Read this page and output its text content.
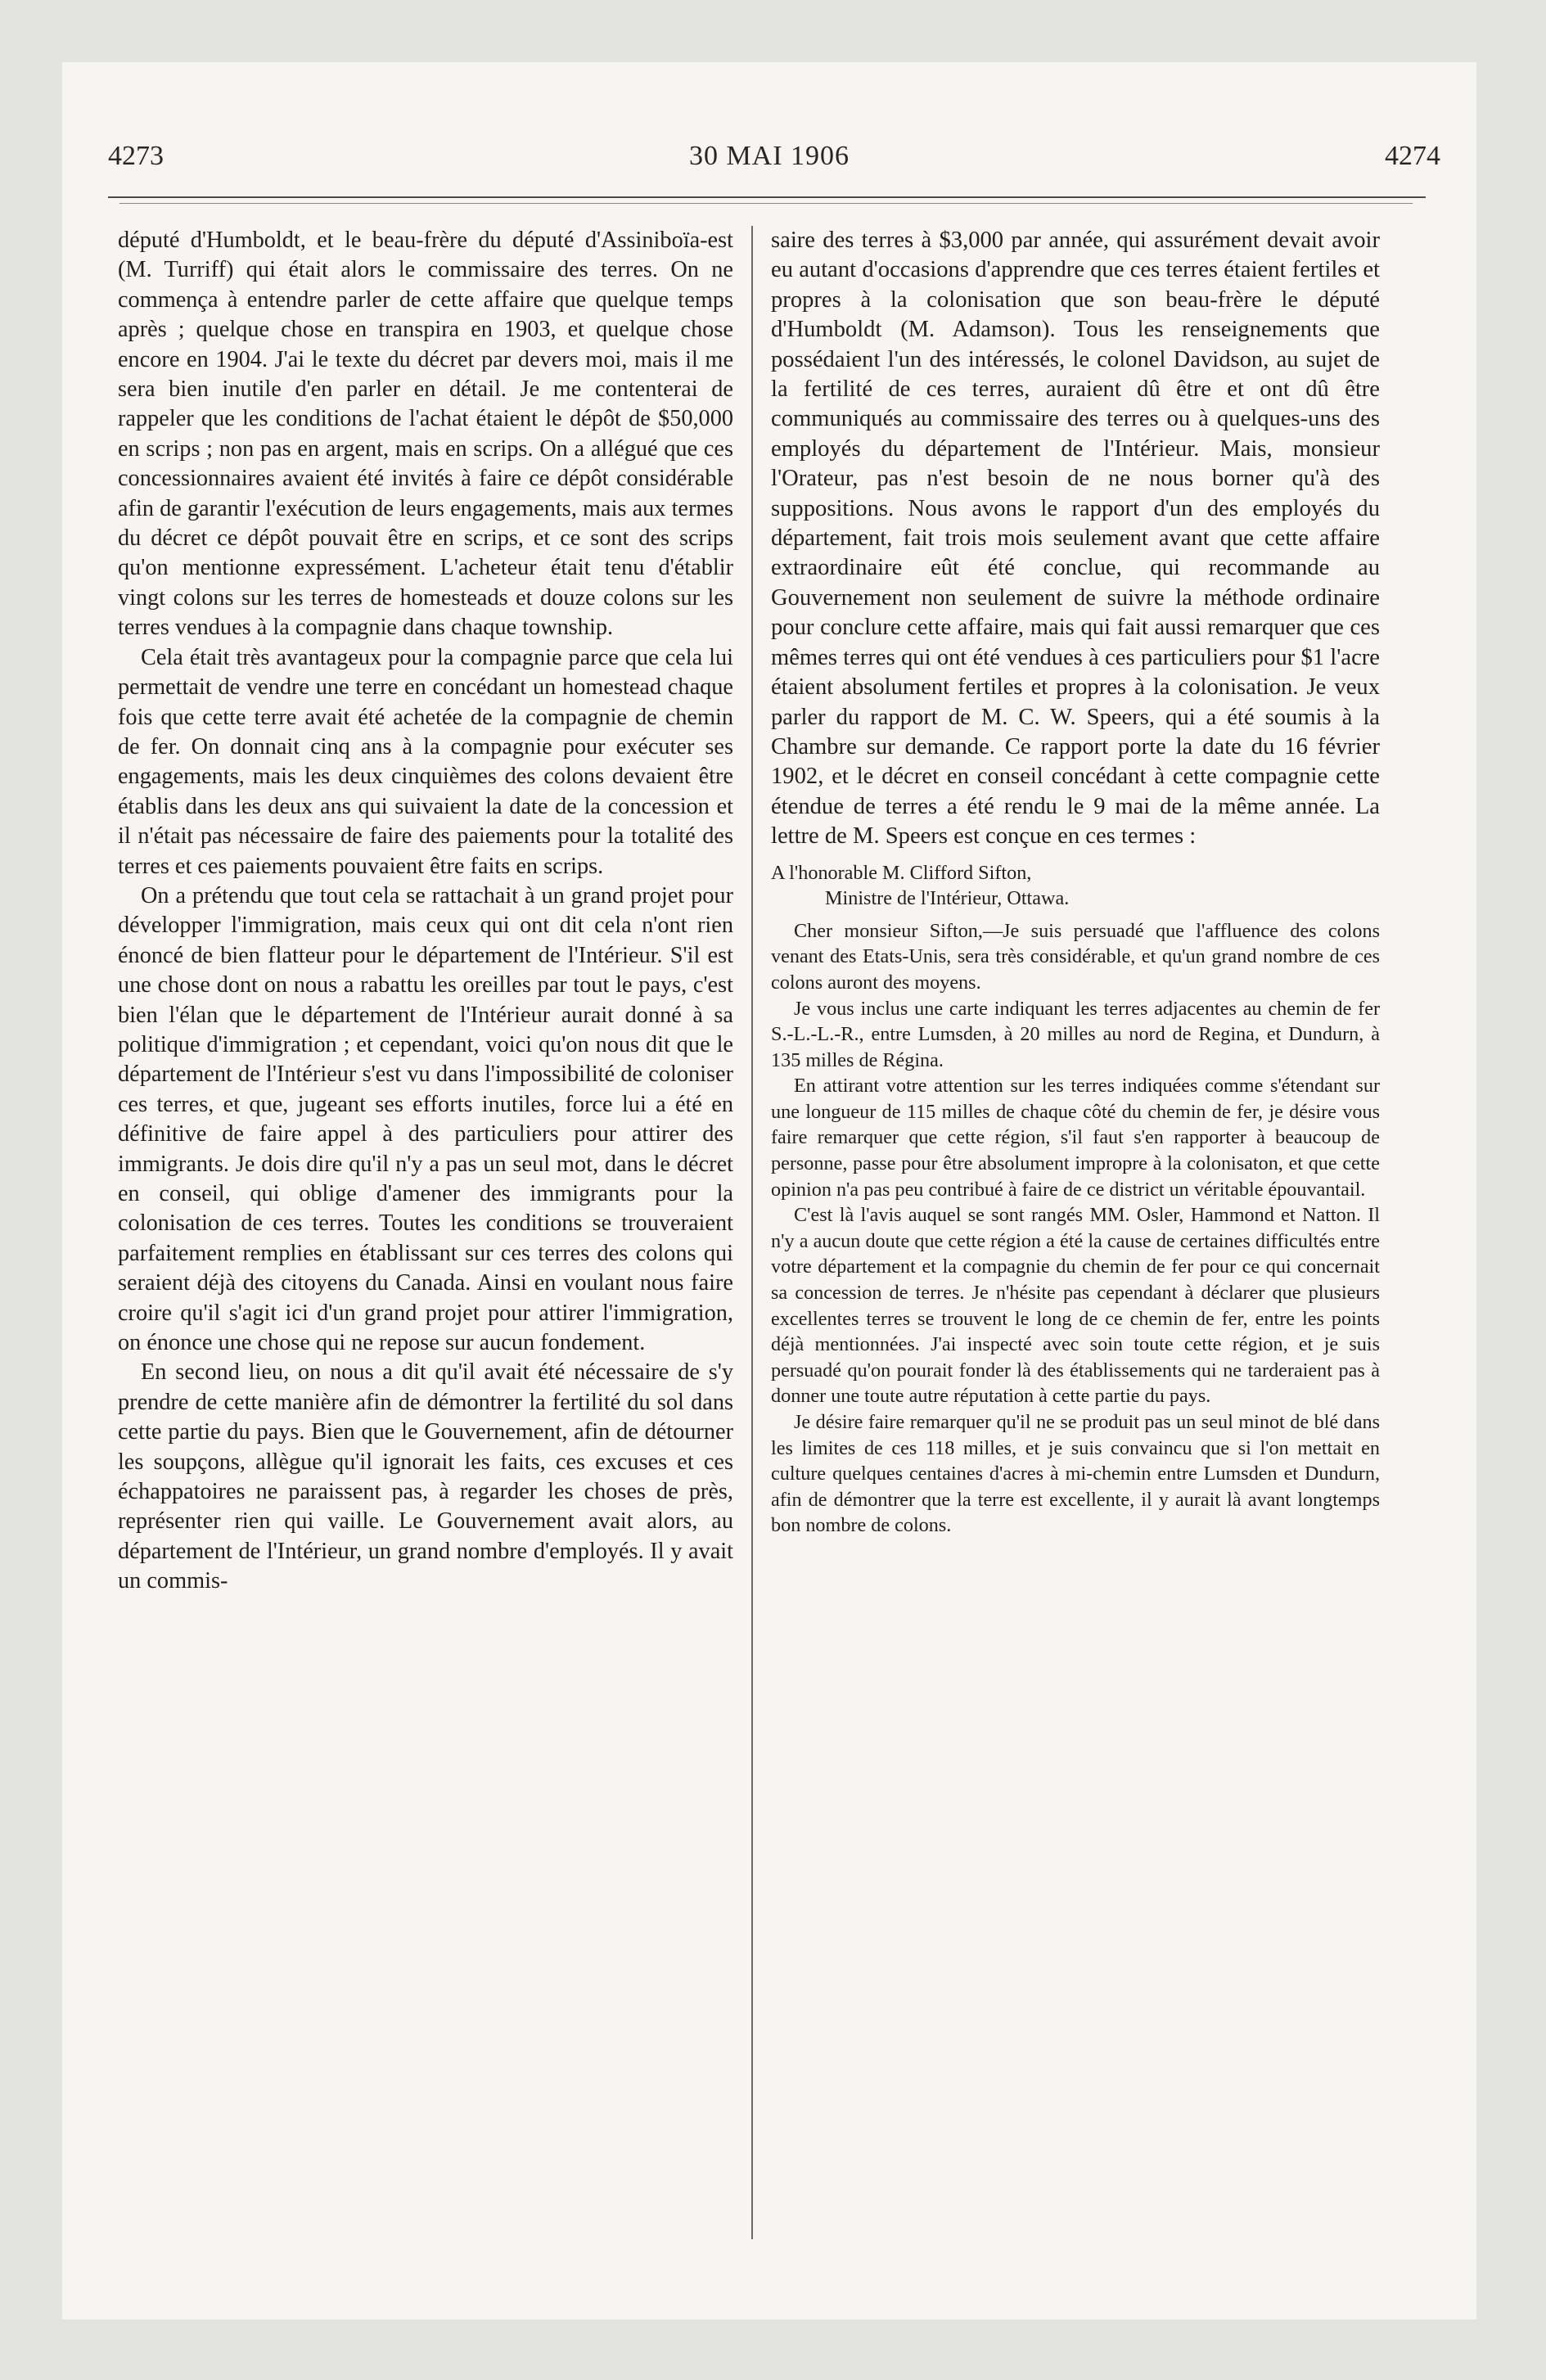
4273	30 MAI 1906	4274

député d'Humboldt, et le beau-frère du député d'Assiniboïa-est (M. Turriff) qui était alors le commissaire des terres. On ne commença à entendre parler de cette affaire que quelque temps après ; quelque chose en transpira en 1903, et quelque chose encore en 1904. J'ai le texte du décret par devers moi, mais il me sera bien inutile d'en parler en détail. Je me contenterai de rappeler que les conditions de l'achat étaient le dépôt de $50,000 en scrips ; non pas en argent, mais en scrips. On a allégué que ces concessionnaires avaient été invités à faire ce dépôt considérable afin de garantir l'exécution de leurs engagements, mais aux termes du décret ce dépôt pouvait être en scrips, et ce sont des scrips qu'on mentionne expressément. L'acheteur était tenu d'établir vingt colons sur les terres de homesteads et douze colons sur les terres vendues à la compagnie dans chaque township.

Cela était très avantageux pour la compagnie parce que cela lui permettait de vendre une terre en concédant un homestead chaque fois que cette terre avait été achetée de la compagnie de chemin de fer. On donnait cinq ans à la compagnie pour exécuter ses engagements, mais les deux cinquièmes des colons devaient être établis dans les deux ans qui suivaient la date de la concession et il n'était pas nécessaire de faire des paiements pour la totalité des terres et ces paiements pouvaient être faits en scrips.

On a prétendu que tout cela se rattachait à un grand projet pour développer l'immigration, mais ceux qui ont dit cela n'ont rien énoncé de bien flatteur pour le département de l'Intérieur. S'il est une chose dont on nous a rabattu les oreilles par tout le pays, c'est bien l'élan que le département de l'Intérieur aurait donné à sa politique d'immigration ; et cependant, voici qu'on nous dit que le département de l'Intérieur s'est vu dans l'impossibilité de coloniser ces terres, et que, jugeant ses efforts inutiles, force lui a été en définitive de faire appel à des particuliers pour attirer des immigrants. Je dois dire qu'il n'y a pas un seul mot, dans le décret en conseil, qui oblige d'amener des immigrants pour la colonisation de ces terres. Toutes les conditions se trouveraient parfaitement remplies en établissant sur ces terres des colons qui seraient déjà des citoyens du Canada. Ainsi en voulant nous faire croire qu'il s'agit ici d'un grand projet pour attirer l'immigration, on énonce une chose qui ne repose sur aucun fondement.

En second lieu, on nous a dit qu'il avait été nécessaire de s'y prendre de cette manière afin de démontrer la fertilité du sol dans cette partie du pays. Bien que le Gouvernement, afin de détourner les soupçons, allègue qu'il ignorait les faits, ces excuses et ces échappatoires ne paraissent pas, à regarder les choses de près, représenter rien qui vaille. Le Gouvernement avait alors, au département de l'Intérieur, un grand nombre d'employés. Il y avait un commis-

saire des terres à $3,000 par année, qui assurément devait avoir eu autant d'occasions d'apprendre que ces terres étaient fertiles et propres à la colonisation que son beau-frère le député d'Humboldt (M. Adamson). Tous les renseignements que possédaient l'un des intéressés, le colonel Davidson, au sujet de la fertilité de ces terres, auraient dû être et ont dû être communiqués au commissaire des terres ou à quelques-uns des employés du département de l'Intérieur. Mais, monsieur l'Orateur, pas n'est besoin de ne nous borner qu'à des suppositions. Nous avons le rapport d'un des employés du département, fait trois mois seulement avant que cette affaire extraordinaire eût été conclue, qui recommande au Gouvernement non seulement de suivre la méthode ordinaire pour conclure cette affaire, mais qui fait aussi remarquer que ces mêmes terres qui ont été vendues à ces particuliers pour $1 l'acre étaient absolument fertiles et propres à la colonisation. Je veux parler du rapport de M. C. W. Speers, qui a été soumis à la Chambre sur demande. Ce rapport porte la date du 16 février 1902, et le décret en conseil concédant à cette compagnie cette étendue de terres a été rendu le 9 mai de la même année. La lettre de M. Speers est conçue en ces termes :

A l'honorable M. Clifford Sifton,

Ministre de l'Intérieur, Ottawa.

Cher monsieur Sifton,—Je suis persuadé que l'affluence des colons venant des Etats-Unis, sera très considérable, et qu'un grand nombre de ces colons auront des moyens.

Je vous inclus une carte indiquant les terres adjacentes au chemin de fer S.-L.-L.-R., entre Lumsden, à 20 milles au nord de Regina, et Dundurn, à 135 milles de Régina.

En attirant votre attention sur les terres indiquées comme s'étendant sur une longueur de 115 milles de chaque côté du chemin de fer, je désire vous faire remarquer que cette région, s'il faut s'en rapporter à beaucoup de personne, passe pour être absolument impropre à la colonisaton, et que cette opinion n'a pas peu contribué à faire de ce district un véritable épouvantail.

C'est là l'avis auquel se sont rangés MM. Osler, Hammond et Natton. Il n'y a aucun doute que cette région a été la cause de certaines difficultés entre votre département et la compagnie du chemin de fer pour ce qui concernait sa concession de terres. Je n'hésite pas cependant à déclarer que plusieurs excellentes terres se trouvent le long de ce chemin de fer, entre les points déjà mentionnées. J'ai inspecté avec soin toute cette région, et je suis persuadé qu'on pourait fonder là des établissements qui ne tarderaient pas à donner une toute autre réputation à cette partie du pays.

Je désire faire remarquer qu'il ne se produit pas un seul minot de blé dans les limites de ces 118 milles, et je suis convaincu que si l'on mettait en culture quelques centaines d'acres à mi-chemin entre Lumsden et Dundurn, afin de démontrer que la terre est excellente, il y aurait là avant longtemps bon nombre de colons.
